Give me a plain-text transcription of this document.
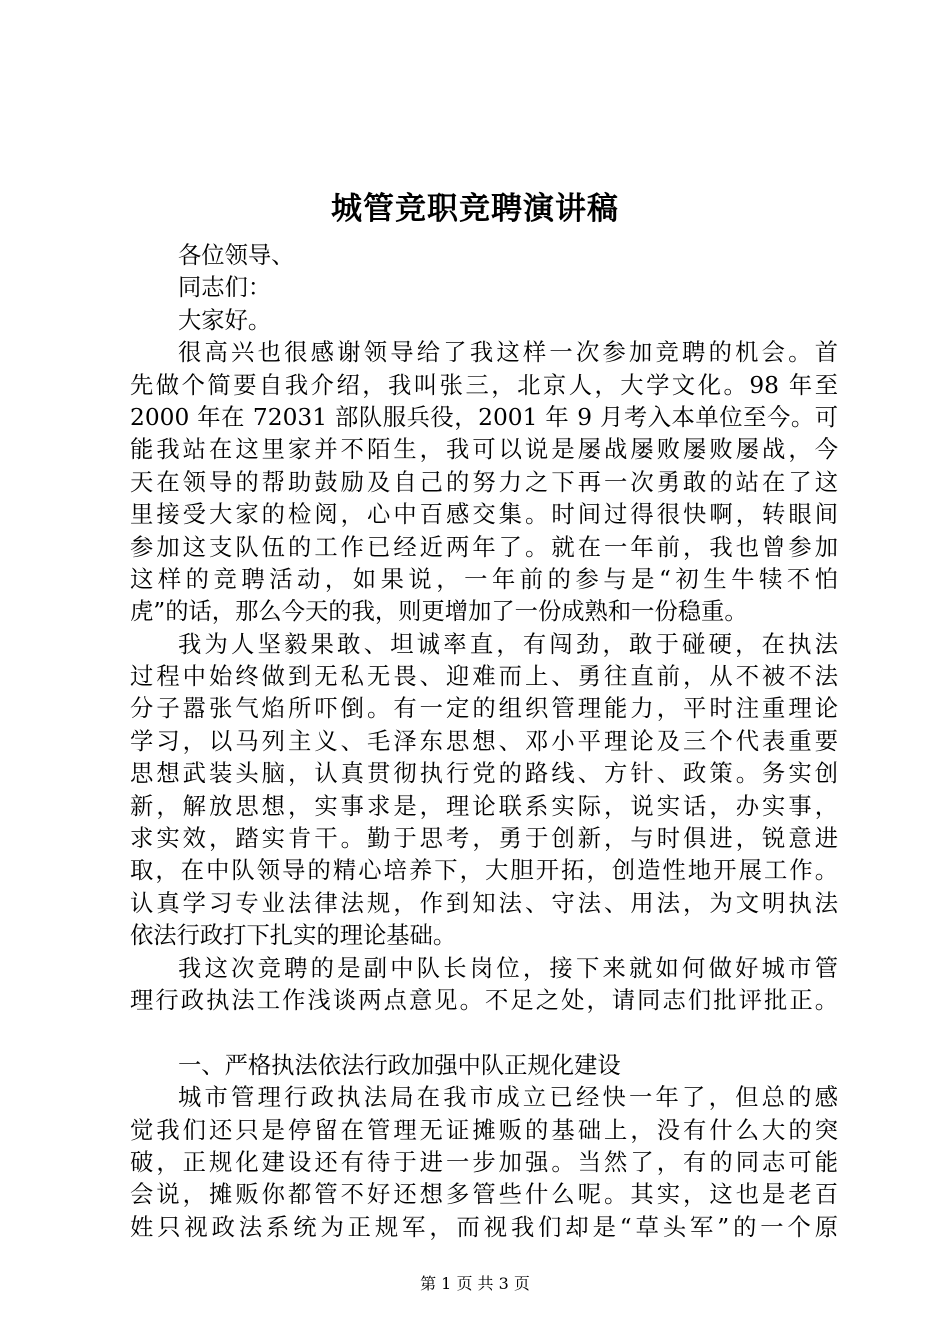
城管竞职竞聘演讲稿
各位领导、
同志们：
大家好。
很高兴也很感谢领导给了我这样一次参加竞聘的机会。首
先做个简要自我介绍，我叫张三，北京人，大学文化。98 年至
2000 年在 72031 部队服兵役，2001 年 9 月考入本单位至今。可
能我站在这里家并不陌生，我可以说是屡战屡败屡败屡战，今
天在领导的帮助鼓励及自己的努力之下再一次勇敢的站在了这
里接受大家的检阅，心中百感交集。时间过得很快啊，转眼间
参加这支队伍的工作已经近两年了。就在一年前，我也曾参加
这样的竞聘活动，如果说，一年前的参与是“初生牛犊不怕
虎”的话，那么今天的我，则更增加了一份成熟和一份稳重。
我为人坚毅果敢、坦诚率直，有闯劲，敢于碰硬，在执法
过程中始终做到无私无畏、迎难而上、勇往直前，从不被不法
分子嚣张气焰所吓倒。有一定的组织管理能力，平时注重理论
学习，以马列主义、毛泽东思想、邓小平理论及三个代表重要
思想武装头脑，认真贯彻执行党的路线、方针、政策。务实创
新，解放思想，实事求是，理论联系实际，说实话，办实事，
求实效，踏实肯干。勤于思考，勇于创新，与时俱进，锐意进
取，在中队领导的精心培养下，大胆开拓，创造性地开展工作。
认真学习专业法律法规，作到知法、守法、用法，为文明执法
依法行政打下扎实的理论基础。
我这次竞聘的是副中队长岗位，接下来就如何做好城市管
理行政执法工作浅谈两点意见。不足之处，请同志们批评批正。
一、严格执法依法行政加强中队正规化建设
城市管理行政执法局在我市成立已经快一年了，但总的感
觉我们还只是停留在管理无证摊贩的基础上，没有什么大的突
破，正规化建设还有待于进一步加强。当然了，有的同志可能
会说，摊贩你都管不好还想多管些什么呢。其实，这也是老百
姓只视政法系统为正规军，而视我们却是“草头军”的一个原
第 1 页 共 3 页
